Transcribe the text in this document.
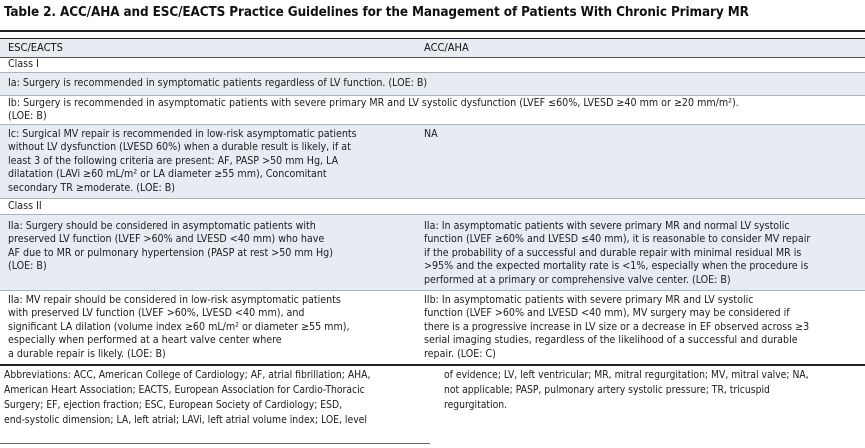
Table 2. ACC/AHA and ESC/EACTS Practice Guidelines for the Management of Patients With Chronic Primary MR
ESC/EACTS	ACC/AHA
Class I
Ia: Surgery is recommended in symptomatic patients regardless of LV function. (LOE: B)
Ib: Surgery is recommended in asymptomatic patients with severe primary MR and LV systolic dysfunction (LVEF ≤60%, LVESD ≥40 mm or ≥20 mm/m²).
(LOE: B)
Ic: Surgical MV repair is recommended in low-risk asymptomatic patients
without LV dysfunction (LVESD 60%) when a durable result is likely, if at
least 3 of the following criteria are present: AF, PASP >50 mm Hg, LA
dilatation (LAVi ≥60 mL/m² or LA diameter ≥55 mm), Concomitant
secondary TR ≥moderate. (LOE: B)
NA
Class II
IIa: Surgery should be considered in asymptomatic patients with
preserved LV function (LVEF >60% and LVESD <40 mm) who have
AF due to MR or pulmonary hypertension (PASP at rest >50 mm Hg)
(LOE: B)
IIa: In asymptomatic patients with severe primary MR and normal LV systolic
function (LVEF ≥60% and LVESD ≤40 mm), it is reasonable to consider MV repair
if the probability of a successful and durable repair with minimal residual MR is
>95% and the expected mortality rate is <1%, especially when the procedure is
performed at a primary or comprehensive valve center. (LOE: B)
IIa: MV repair should be considered in low-risk asymptomatic patients
with preserved LV function (LVEF >60%, LVESD <40 mm), and
significant LA dilation (volume index ≥60 mL/m² or diameter ≥55 mm),
especially when performed at a heart valve center where
a durable repair is likely. (LOE: B)
IIb: In asymptomatic patients with severe primary MR and LV systolic
function (LVEF >60% and LVESD <40 mm), MV surgery may be considered if
there is a progressive increase in LV size or a decrease in EF observed across ≥3
serial imaging studies, regardless of the likelihood of a successful and durable
repair. (LOE: C)
Abbreviations: ACC, American College of Cardiology; AF, atrial fibrillation; AHA,
American Heart Association; EACTS, European Association for Cardio-Thoracic
Surgery; EF, ejection fraction; ESC, European Society of Cardiology; ESD,
end-systolic dimension; LA, left atrial; LAVi, left atrial volume index; LOE, level
of evidence; LV, left ventricular; MR, mitral regurgitation; MV, mitral valve; NA,
not applicable; PASP, pulmonary artery systolic pressure; TR, tricuspid
regurgitation.
